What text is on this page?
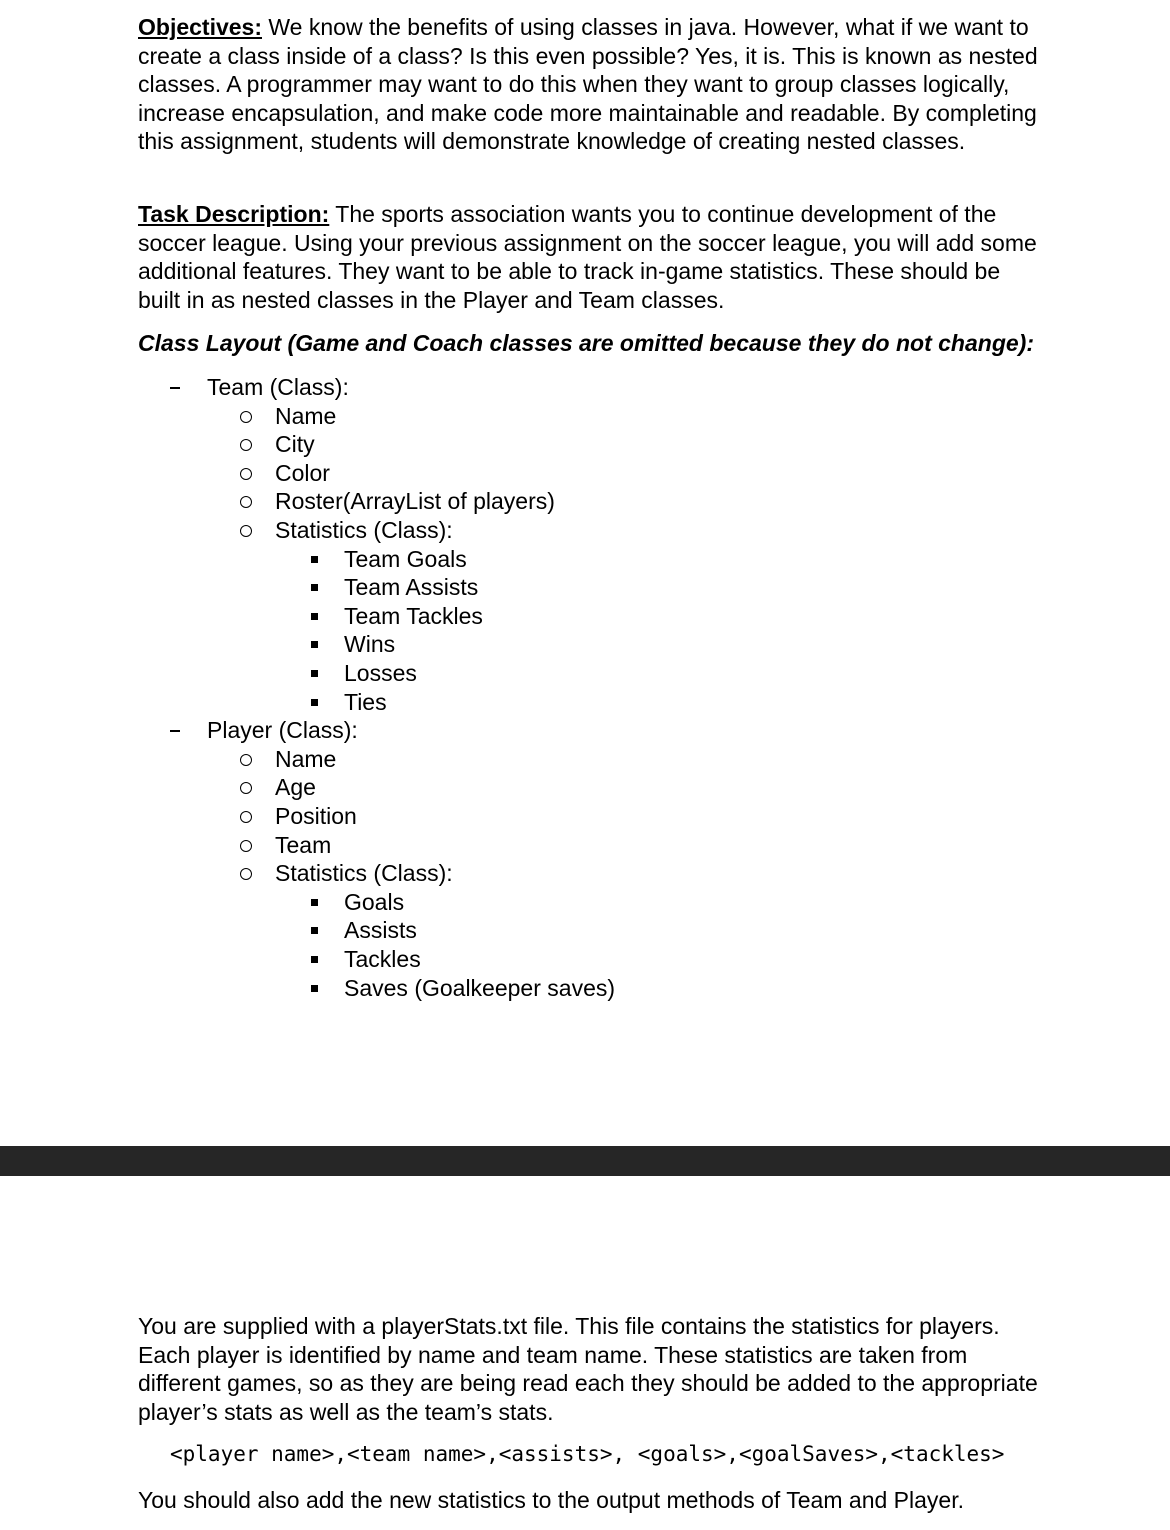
Objectives: We know the benefits of using classes in java. However, what if we want to create a class inside of a class? Is this even possible? Yes, it is. This is known as nested classes. A programmer may want to do this when they want to group classes logically, increase encapsulation, and make code more maintainable and readable. By completing this assignment, students will demonstrate knowledge of creating nested classes.

Task Description: The sports association wants you to continue development of the soccer league. Using your previous assignment on the soccer league, you will add some additional features. They want to be able to track in-game statistics. These should be built in as nested classes in the Player and Team classes.

Class Layout (Game and Coach classes are omitted because they do not change):
Team (Class):
Name
City
Color
Roster(ArrayList of players)
Statistics (Class):
Team Goals
Team Assists
Team Tackles
Wins
Losses
Ties
Player (Class):
Name
Age
Position
Team
Statistics (Class):
Goals
Assists
Tackles
Saves (Goalkeeper saves)

You are supplied with a playerStats.txt file. This file contains the statistics for players. Each player is identified by name and team name. These statistics are taken from different games, so as they are being read each they should be added to the appropriate player’s stats as well as the team’s stats.

<player name>,<team name>,<assists>, <goals>,<goalSaves>,<tackles>
You should also add the new statistics to the output methods of Team and Player.
